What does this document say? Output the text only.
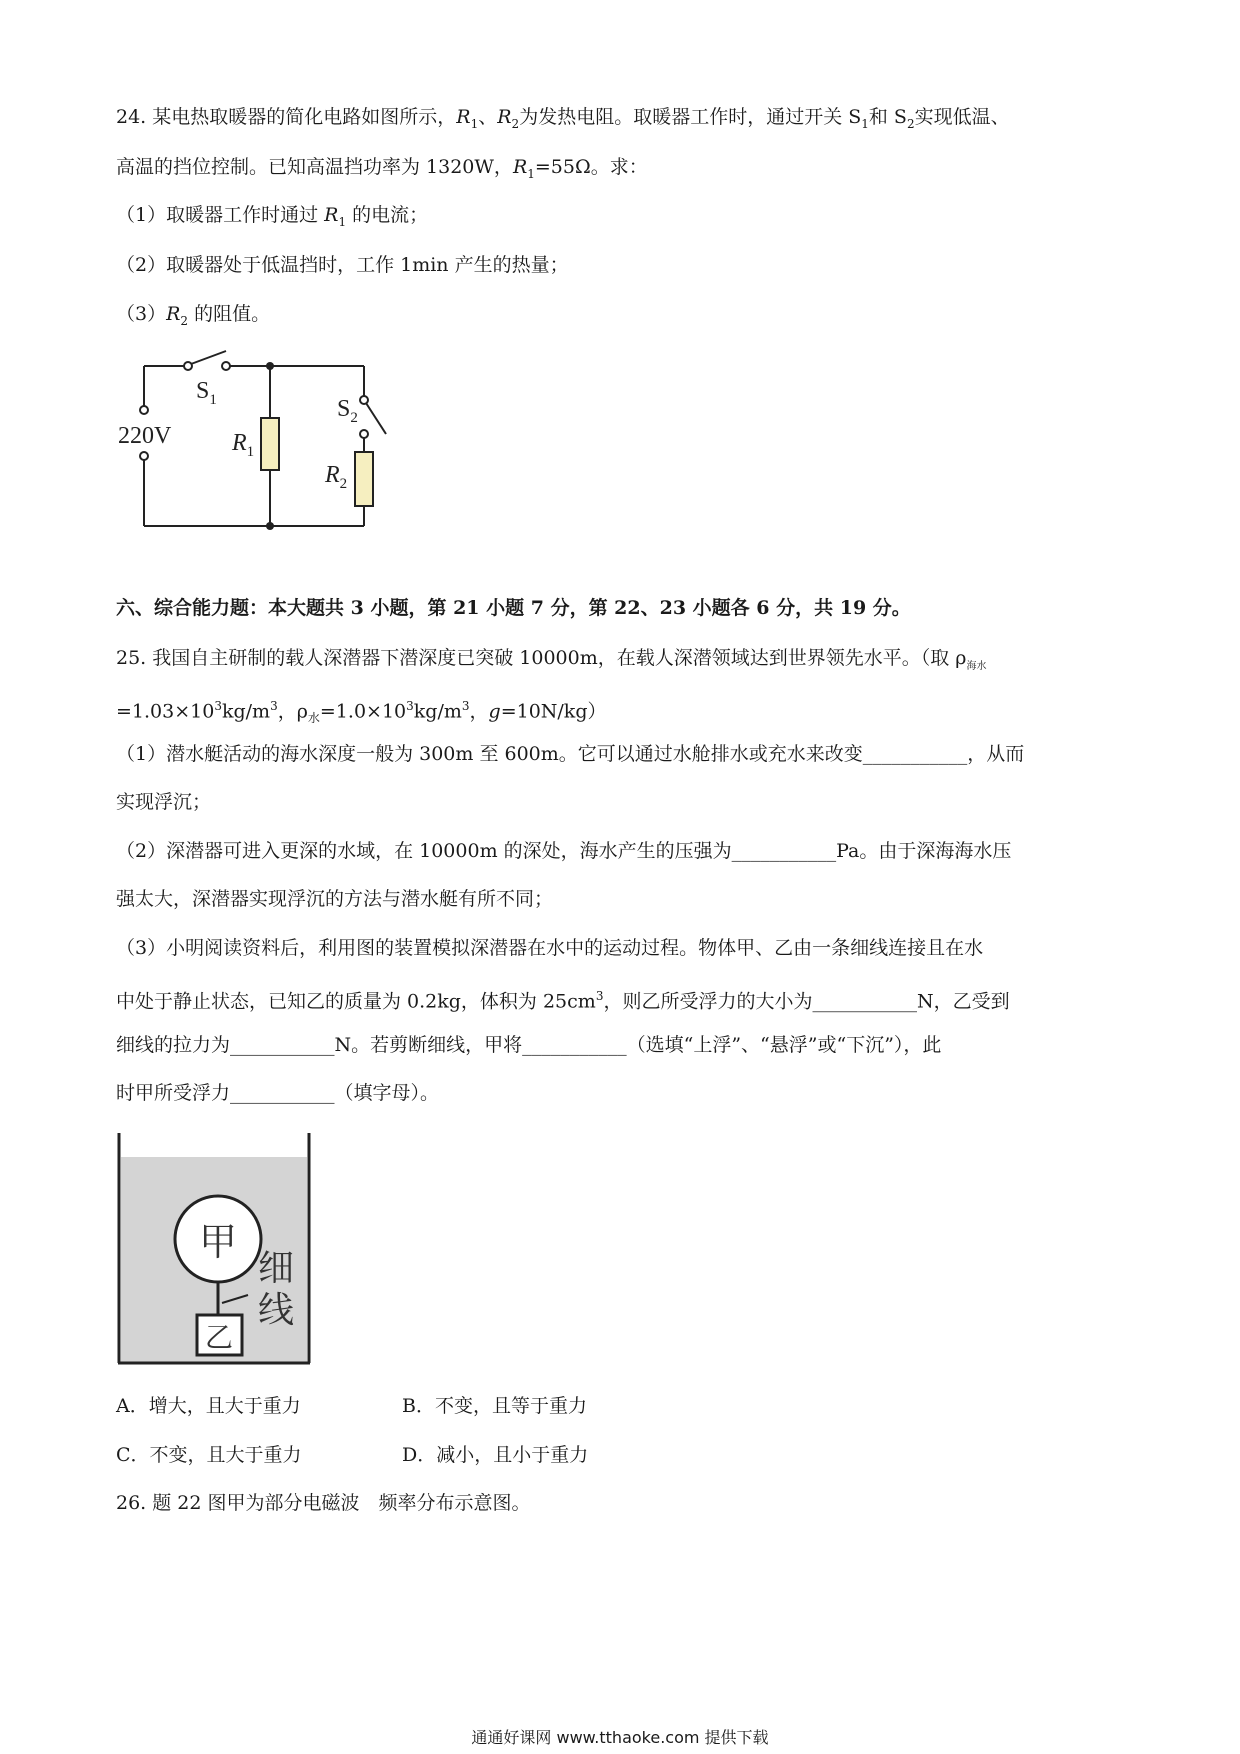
24. 某电热取暖器的简化电路如图所示，$R_1$、$R_2$为发热电阻。取暖器工作时，通过开关 $S_1$和 $S_2$实现低温、
高温的挡位控制。已知高温挡功率为 1320W，$R_1=55\Omega$。求：
（1）取暖器工作时通过 $R_1$ 的电流；
（2）取暖器处于低温挡时，工作 1min 产生的热量；
$(3)R_2$ 的阻值。
$S_1$
220V	$R_1$
$S_2$
$R_2$
甲
乙
细
线
六、综合能力题：本大题共 3 小题，第 21 小题 7 分，第 22、23 小题各 6 分，共 19 分。
25. 我国自主研制的载人深潜器下潜深度已突破 10000m，在载人深潜领域达到世界领先水平。（取 $\rho_{海水}$
$=1.03\times 10^3kg/m^3$，$\rho_水=1.0\times 10^3kg/m^3$，g=10N/kg）
（1）潜水艇活动的海水深度一般为 300m 至 600m。它可以通过水舱排水或充水来改变___________，从而
实现浮沉；
（2）深潜器可进入更深的水域，在 10000m 的深处，海水产生的压强为___________Pa。由于深海海水压
强太大，深潜器实现浮沉的方法与潜水艇有所不同；
（3）小明阅读资料后，利用图的装置模拟深潜器在水中的运动过程。物体甲、乙由一条细线连接且在水
中处于静止状态，已知乙的质量为 0.2kg，体积为 $25cm^3$，则乙所受浮力的大小为___________N，乙受到
细线的拉力为___________N。若剪断细线，甲将___________（选填“上浮”、“悬浮”或“下沉”），此
时甲所受浮力___________（填字母）。
A．增大，且大于重力	B．不变，且等于重力
C．不变，且大于重力	D．减小，且小于重力
26. 题 22 图甲为部分电磁波　频率分布示意图。
通通好课网 www.tthaoke.com 提供下载
